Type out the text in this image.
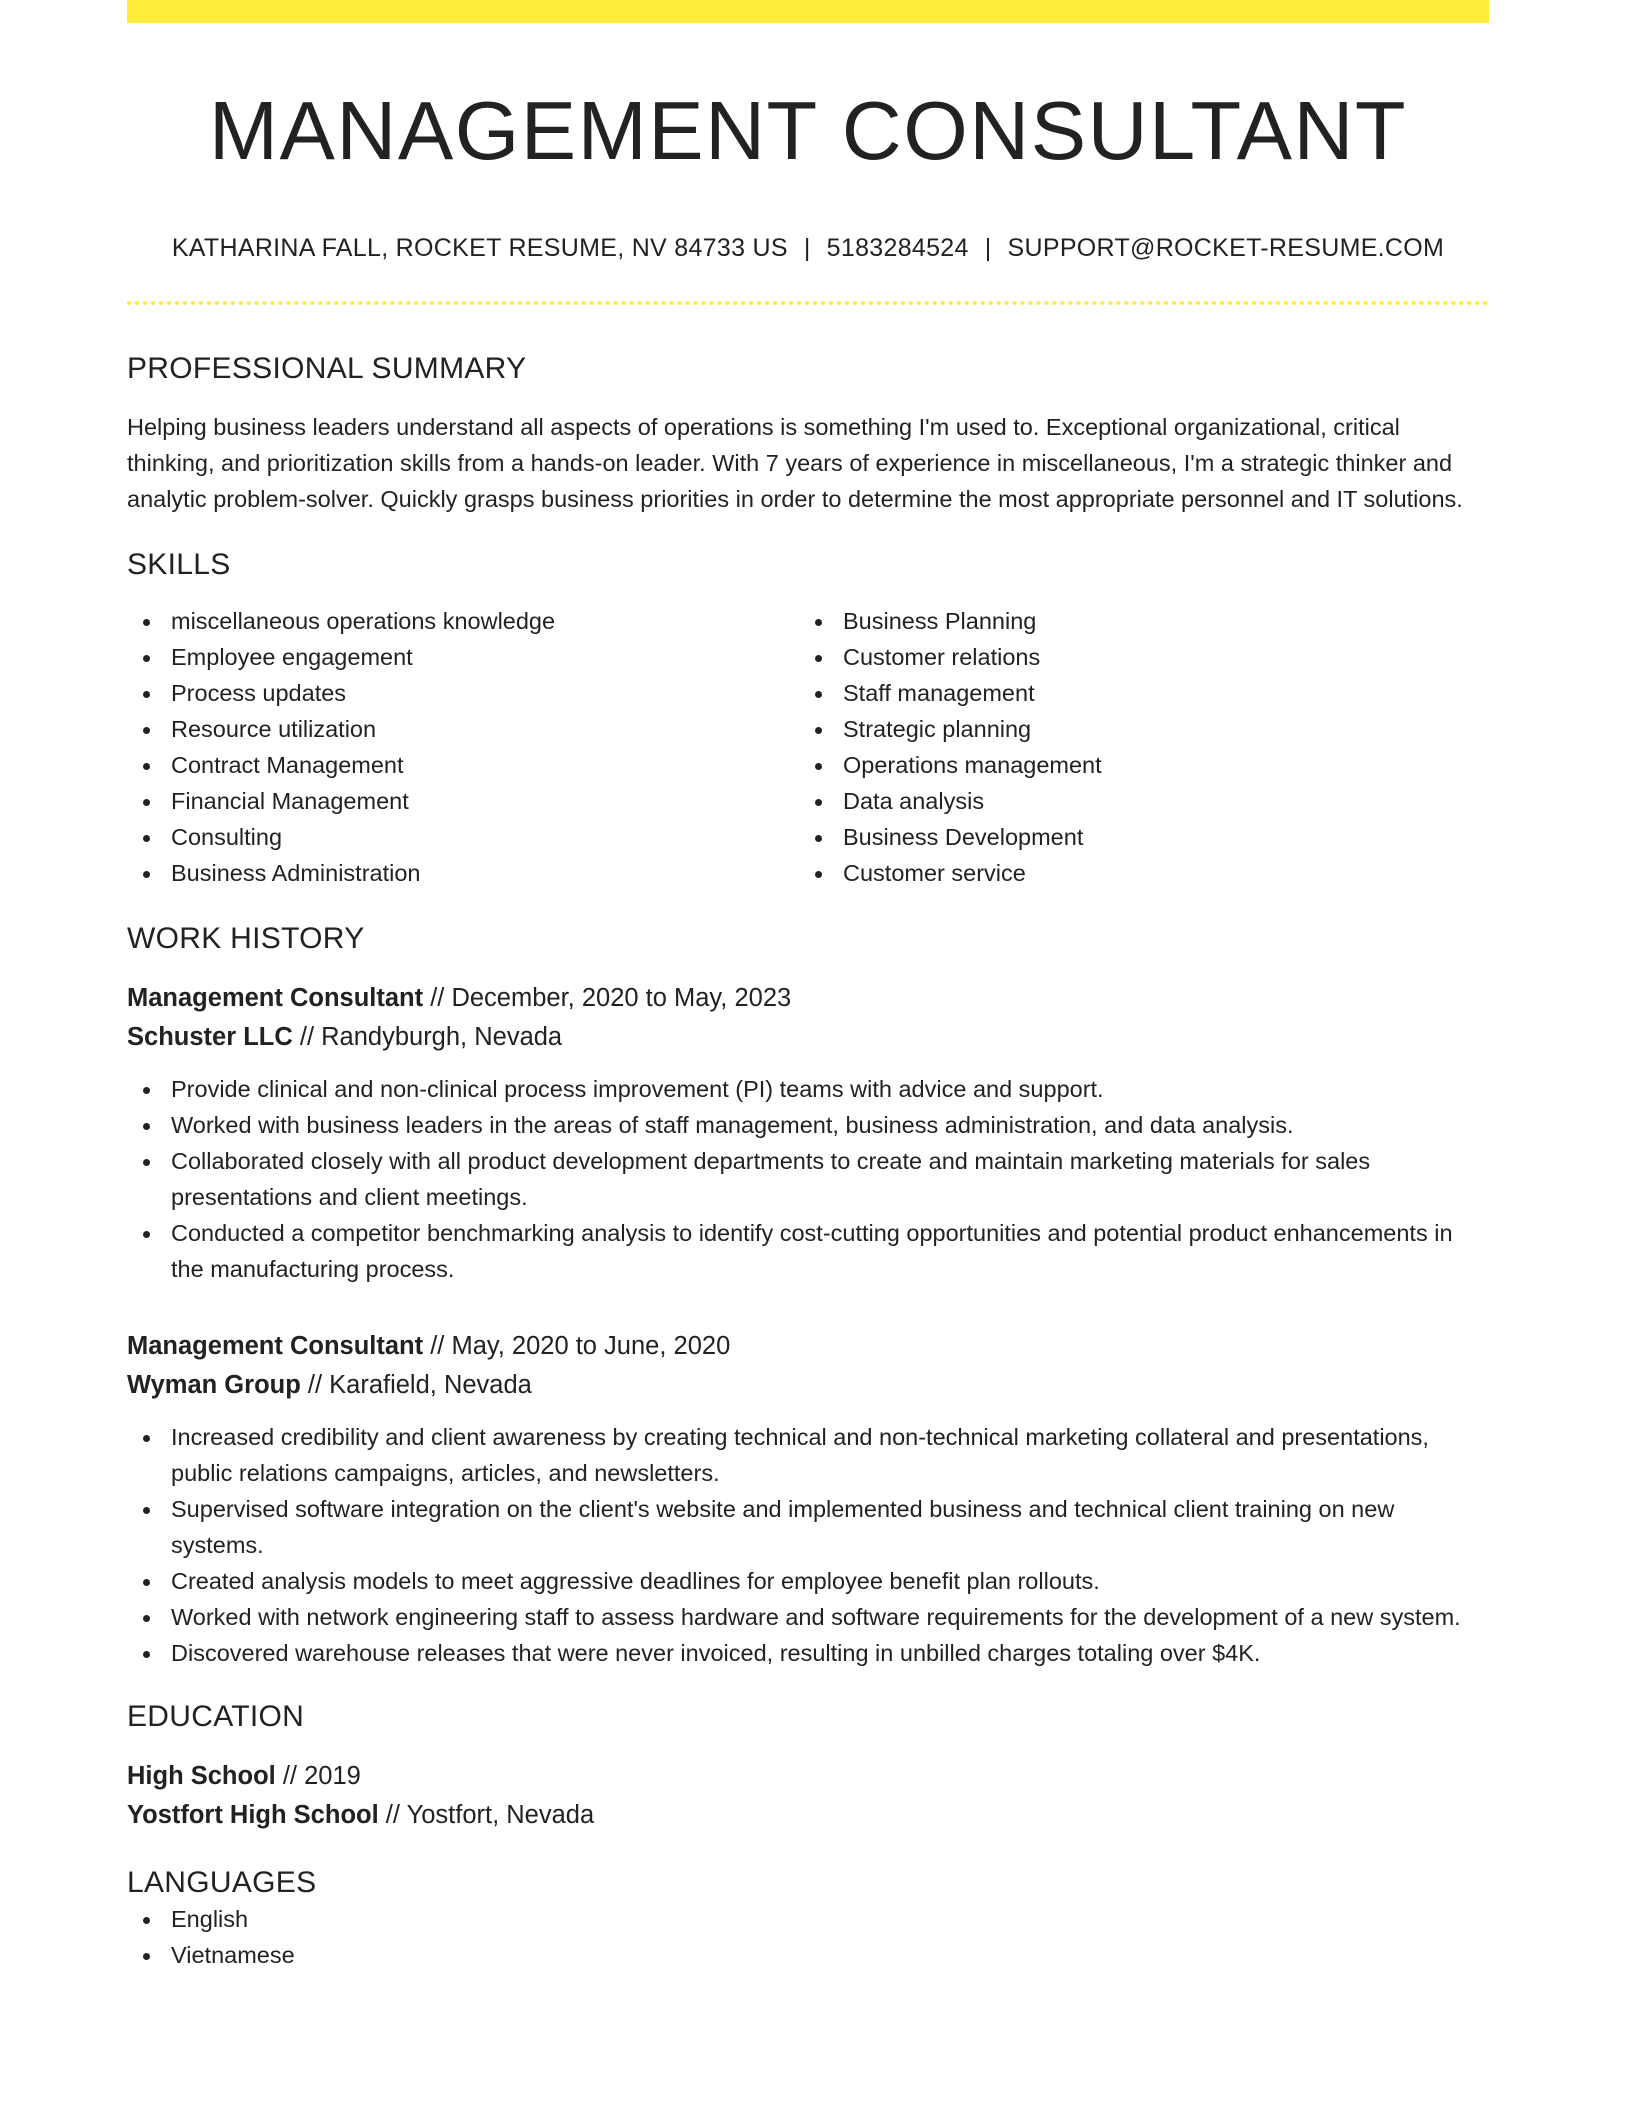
MANAGEMENT CONSULTANT
KATHARINA FALL, ROCKET RESUME, NV 84733 US | 5183284524 | SUPPORT@ROCKET-RESUME.COM
PROFESSIONAL SUMMARY

Helping business leaders understand all aspects of operations is something I'm used to. Exceptional organizational, critical thinking, and prioritization skills from a hands-on leader. With 7 years of experience in miscellaneous, I'm a strategic thinker and analytic problem-solver. Quickly grasps business priorities in order to determine the most appropriate personnel and IT solutions.

SKILLS
miscellaneous operations knowledge
Employee engagement
Process updates
Resource utilization
Contract Management
Financial Management
Consulting
Business Administration
Business Planning
Customer relations
Staff management
Strategic planning
Operations management
Data analysis
Business Development
Customer service
WORK HISTORY
Management Consultant // December, 2020 to May, 2023
Schuster LLC // Randyburgh, Nevada
Provide clinical and non-clinical process improvement (PI) teams with advice and support.
Worked with business leaders in the areas of staff management, business administration, and data analysis.
Collaborated closely with all product development departments to create and maintain marketing materials for sales presentations and client meetings.
Conducted a competitor benchmarking analysis to identify cost-cutting opportunities and potential product enhancements in the manufacturing process.
Management Consultant // May, 2020 to June, 2020
Wyman Group // Karafield, Nevada
Increased credibility and client awareness by creating technical and non-technical marketing collateral and presentations, public relations campaigns, articles, and newsletters.
Supervised software integration on the client's website and implemented business and technical client training on new systems.
Created analysis models to meet aggressive deadlines for employee benefit plan rollouts.
Worked with network engineering staff to assess hardware and software requirements for the development of a new system.
Discovered warehouse releases that were never invoiced, resulting in unbilled charges totaling over $4K.
EDUCATION
High School // 2019
Yostfort High School // Yostfort, Nevada
LANGUAGES
English
Vietnamese
